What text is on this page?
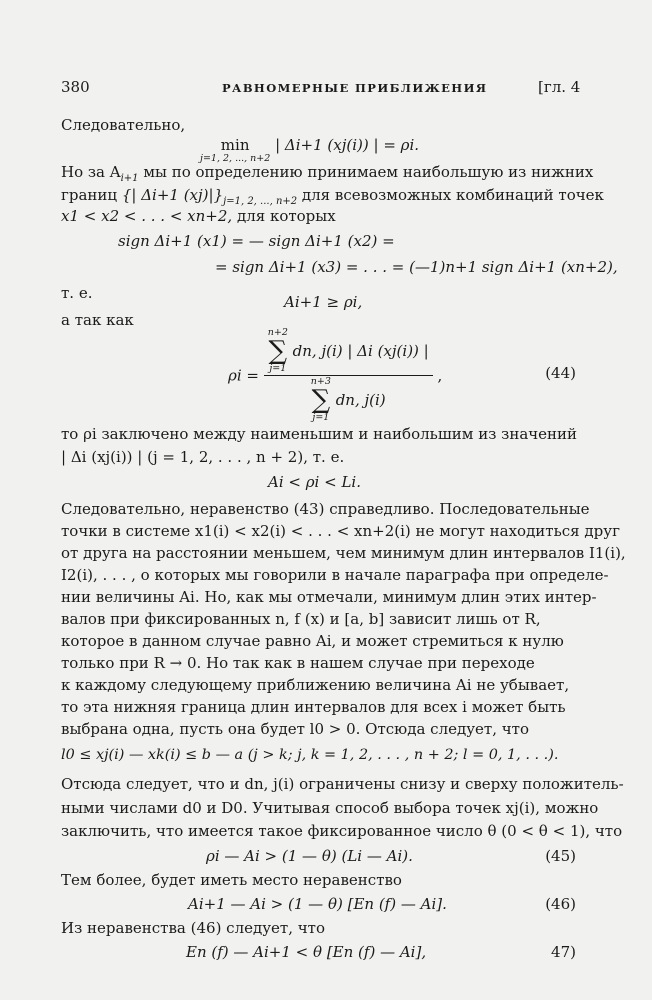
380	РАВНОМЕРНЫЕ ПРИБЛИЖЕНИЯ	[гл. 4
Следовательно,
min
j=1, 2, ..., n+2
| Δi+1 (xj(i)) | = ρi.
Но за $A_{i+1}$ мы по определению принимаем наибольшую из нижних
границ {| Δi+1 $(xj)|\}_{j=1, 2, ..., n+2}$ для всевозможных комбинаций точек
x1 < x2 < . . . < xn+2, для которых
sign Δi+1 (x1) = — sign Δi+1 (x2) =
= sign Δi+1 (x3) = . . . = (—1)n+1 sign Δi+1 (xn+2),
т. е.	Ai+1 ≥ ρi,
а так как
ρi =
n+2
∑
j=1
dn, j(i) | Δi (xj(i)) |
n+3
∑
j=1
dn, j(i)
,	(44)
то ρi заключено между наименьшим и наибольшим из значений
| Δi (xj(i)) | (j = 1, 2, . . . , n + 2), т. е.
Ai < ρi < Li.
Следовательно, неравенство (43) справедливо. Последовательные
точки в системе x1(i) < x2(i) < . . . < xn+2(i) не могут находиться друг
от друга на расстоянии меньшем, чем минимум длин интервалов I1(i),
I2(i), . . . , о которых мы говорили в начале параграфа при определе-
нии величины Ai. Но, как мы отмечали, минимум длин этих интер-
валов при фиксированных n, f (x) и [a, b] зависит лишь от R,
которое в данном случае равно Ai, и может стремиться к нулю
только при R → 0. Но так как в нашем случае при переходе
к каждому следующему приближению величина Ai не убывает,
то эта нижняя граница длин интервалов для всех i может быть
выбрана одна, пусть она будет l0 > 0. Отсюда следует, что
l0 ≤ xj(i) — xk(i) ≤ b — a (j > k; j, k = 1, 2, . . . , n + 2; l = 0, 1, . . .).
Отсюда следует, что и dn, j(i) ограничены снизу и сверху положитель-
ными числами d0 и D0. Учитывая способ выбора точек xj(i), можно
заключить, что имеется такое фиксированное число θ (0 < θ < 1), что
ρi — Ai > (1 — θ) (Li — Ai).	(45)
Тем более, будет иметь место неравенство
Ai+1 — Ai > (1 — θ) [En (f) — Ai].	(46)
Из неравенства (46) следует, что
En (f) — Ai+1 < θ [En (f) — Ai],	47)
